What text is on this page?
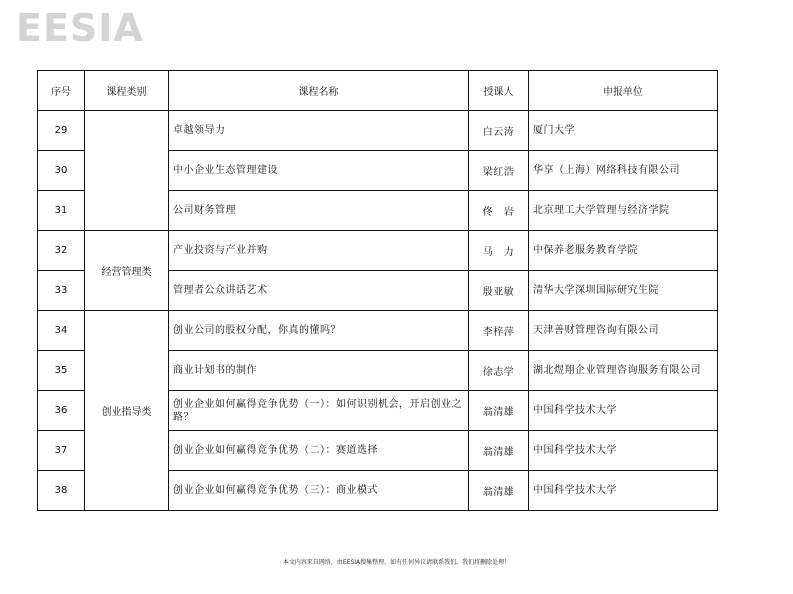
EESIA
序号	课程类别	课程名称	授课人	申报单位
29		卓越领导力	白云涛	厦门大学
30		中小企业生态管理建设	梁红浩	华享（上海）网络科技有限公司
31		公司财务管理	佟　岩	北京理工大学管理与经济学院
32	经营管理类	产业投资与产业并购	马　力	中保养老服务教育学院
33		管理者公众讲话艺术	殷亚敏	清华大学深圳国际研究生院
34	创业指导类	创业公司的股权分配，你真的懂吗？	李梓萍	天津善财管理咨询有限公司
35		商业计划书的制作	徐志学	湖北煜翔企业管理咨询服务有限公司
36		创业企业如何赢得竞争优势（一）：如何识别机会，开启创业之路？	翁清雄	中国科学技术大学
37		创业企业如何赢得竞争优势（二）：赛道选择	翁清雄	中国科学技术大学
38		创业企业如何赢得竞争优势（三）：商业模式	翁清雄	中国科学技术大学
本文内容来自网络，由EESIA搜集整理，如有任何异议请联系我们，我们将删除处理！
